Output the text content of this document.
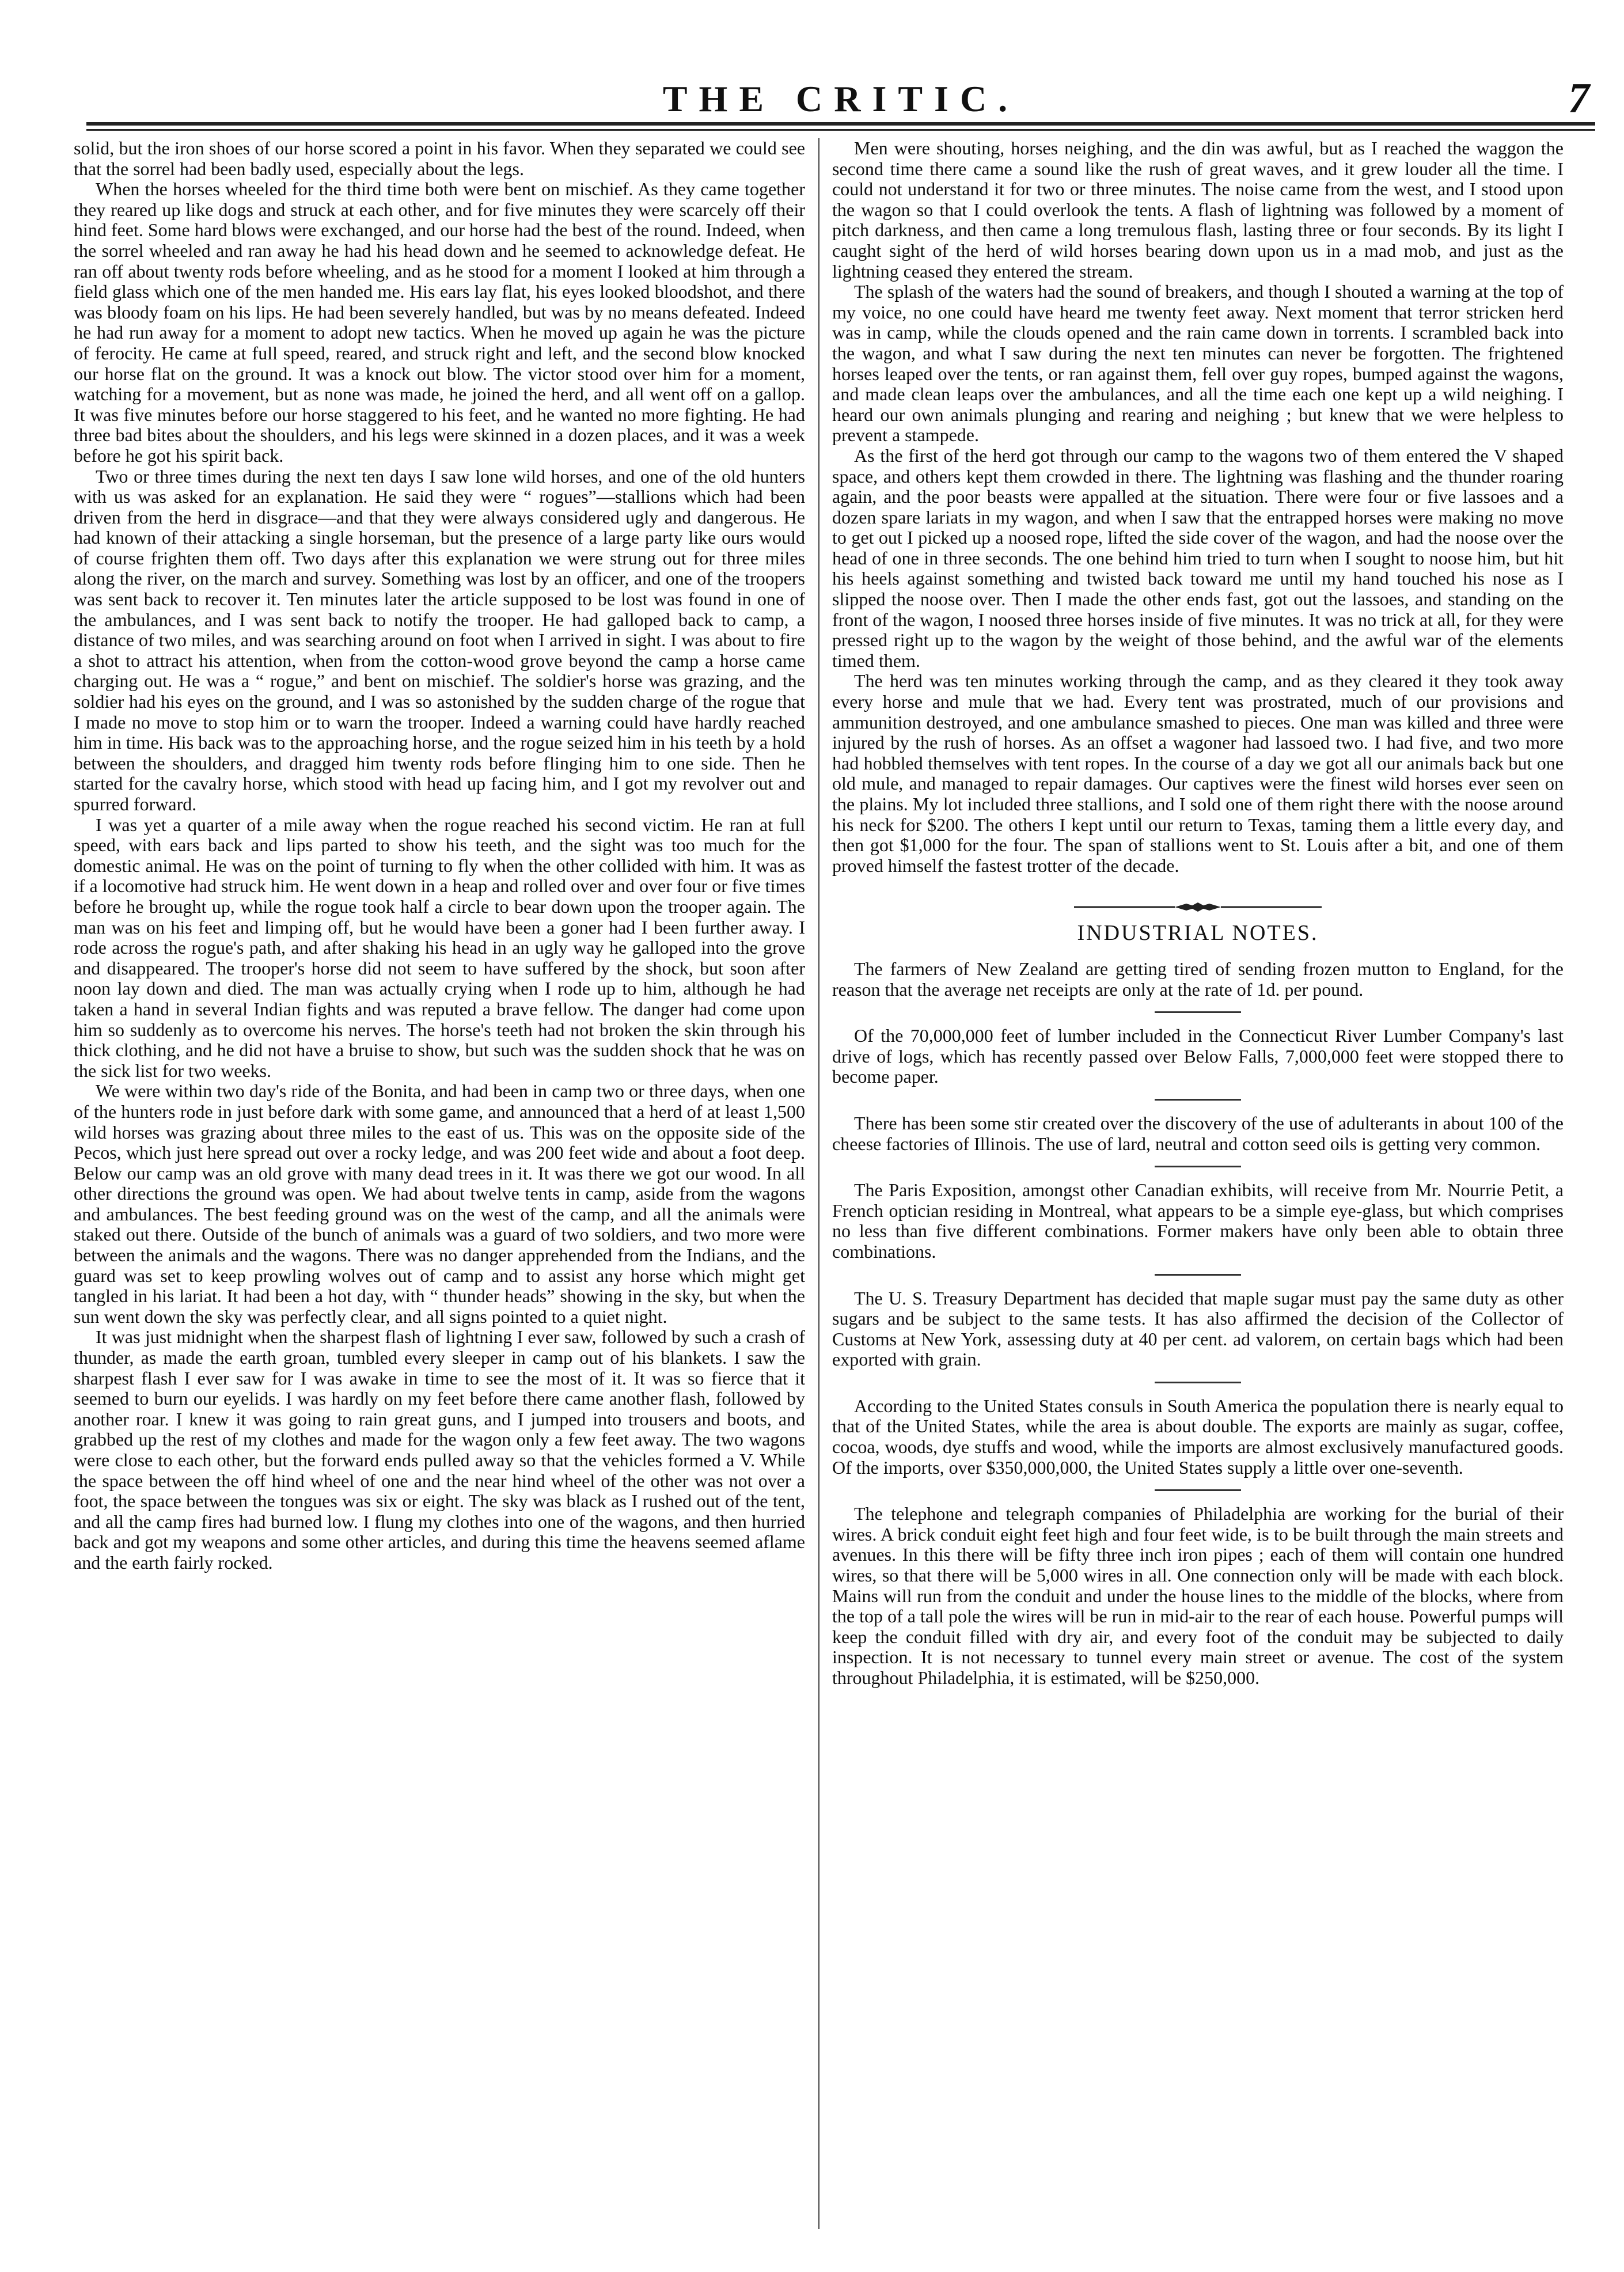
THE CRITIC.	7

solid, but the iron shoes of our horse scored a point in his favor. When they separated we could see that the sorrel had been badly used, especially about the legs.

When the horses wheeled for the third time both were bent on mischief. As they came together they reared up like dogs and struck at each other, and for five minutes they were scarcely off their hind feet. Some hard blows were exchanged, and our horse had the best of the round. Indeed, when the sorrel wheeled and ran away he had his head down and he seemed to acknowledge defeat. He ran off about twenty rods before wheeling, and as he stood for a moment I looked at him through a field glass which one of the men handed me. His ears lay flat, his eyes looked bloodshot, and there was bloody foam on his lips. He had been severely handled, but was by no means defeated. Indeed he had run away for a moment to adopt new tactics. When he moved up again he was the picture of ferocity. He came at full speed, reared, and struck right and left, and the second blow knocked our horse flat on the ground. It was a knock out blow. The victor stood over him for a moment, watching for a movement, but as none was made, he joined the herd, and all went off on a gallop. It was five minutes before our horse staggered to his feet, and he wanted no more fighting. He had three bad bites about the shoulders, and his legs were skinned in a dozen places, and it was a week before he got his spirit back.

Two or three times during the next ten days I saw lone wild horses, and one of the old hunters with us was asked for an explanation. He said they were “ rogues”—stallions which had been driven from the herd in disgrace—and that they were always considered ugly and dangerous. He had known of their attacking a single horseman, but the presence of a large party like ours would of course frighten them off. Two days after this explanation we were strung out for three miles along the river, on the march and survey. Something was lost by an officer, and one of the troopers was sent back to recover it. Ten minutes later the article supposed to be lost was found in one of the ambulances, and I was sent back to notify the trooper. He had galloped back to camp, a distance of two miles, and was searching around on foot when I arrived in sight. I was about to fire a shot to attract his attention, when from the cotton-wood grove beyond the camp a horse came charging out. He was a “ rogue,” and bent on mischief. The soldier's horse was grazing, and the soldier had his eyes on the ground, and I was so astonished by the sudden charge of the rogue that I made no move to stop him or to warn the trooper. Indeed a warning could have hardly reached him in time. His back was to the approaching horse, and the rogue seized him in his teeth by a hold between the shoulders, and dragged him twenty rods before flinging him to one side. Then he started for the cavalry horse, which stood with head up facing him, and I got my revolver out and spurred forward.

I was yet a quarter of a mile away when the rogue reached his second victim. He ran at full speed, with ears back and lips parted to show his teeth, and the sight was too much for the domestic animal. He was on the point of turning to fly when the other collided with him. It was as if a locomotive had struck him. He went down in a heap and rolled over and over four or five times before he brought up, while the rogue took half a circle to bear down upon the trooper again. The man was on his feet and limping off, but he would have been a goner had I been further away. I rode across the rogue's path, and after shaking his head in an ugly way he galloped into the grove and disappeared. The trooper's horse did not seem to have suffered by the shock, but soon after noon lay down and died. The man was actually crying when I rode up to him, although he had taken a hand in several Indian fights and was reputed a brave fellow. The danger had come upon him so suddenly as to overcome his nerves. The horse's teeth had not broken the skin through his thick clothing, and he did not have a bruise to show, but such was the sudden shock that he was on the sick list for two weeks.

We were within two day's ride of the Bonita, and had been in camp two or three days, when one of the hunters rode in just before dark with some game, and announced that a herd of at least 1,500 wild horses was grazing about three miles to the east of us. This was on the opposite side of the Pecos, which just here spread out over a rocky ledge, and was 200 feet wide and about a foot deep. Below our camp was an old grove with many dead trees in it. It was there we got our wood. In all other directions the ground was open. We had about twelve tents in camp, aside from the wagons and ambulances. The best feeding ground was on the west of the camp, and all the animals were staked out there. Outside of the bunch of animals was a guard of two soldiers, and two more were between the animals and the wagons. There was no danger apprehended from the Indians, and the guard was set to keep prowling wolves out of camp and to assist any horse which might get tangled in his lariat. It had been a hot day, with “ thunder heads” showing in the sky, but when the sun went down the sky was perfectly clear, and all signs pointed to a quiet night.

It was just midnight when the sharpest flash of lightning I ever saw, followed by such a crash of thunder, as made the earth groan, tumbled every sleeper in camp out of his blankets. I saw the sharpest flash I ever saw for I was awake in time to see the most of it. It was so fierce that it seemed to burn our eyelids. I was hardly on my feet before there came another flash, followed by another roar. I knew it was going to rain great guns, and I jumped into trousers and boots, and grabbed up the rest of my clothes and made for the wagon only a few feet away. The two wagons were close to each other, but the forward ends pulled away so that the vehicles formed a V. While the space between the off hind wheel of one and the near hind wheel of the other was not over a foot, the space between the tongues was six or eight. The sky was black as I rushed out of the tent, and all the camp fires had burned low. I flung my clothes into one of the wagons, and then hurried back and got my weapons and some other articles, and during this time the heavens seemed aflame and the earth fairly rocked.

Men were shouting, horses neighing, and the din was awful, but as I reached the waggon the second time there came a sound like the rush of great waves, and it grew louder all the time. I could not understand it for two or three minutes. The noise came from the west, and I stood upon the wagon so that I could overlook the tents. A flash of lightning was followed by a moment of pitch darkness, and then came a long tremulous flash, lasting three or four seconds. By its light I caught sight of the herd of wild horses bearing down upon us in a mad mob, and just as the lightning ceased they entered the stream.

The splash of the waters had the sound of breakers, and though I shouted a warning at the top of my voice, no one could have heard me twenty feet away. Next moment that terror stricken herd was in camp, while the clouds opened and the rain came down in torrents. I scrambled back into the wagon, and what I saw during the next ten minutes can never be forgotten. The frightened horses leaped over the tents, or ran against them, fell over guy ropes, bumped against the wagons, and made clean leaps over the ambulances, and all the time each one kept up a wild neighing. I heard our own animals plunging and rearing and neighing ; but knew that we were helpless to prevent a stampede.

As the first of the herd got through our camp to the wagons two of them entered the V shaped space, and others kept them crowded in there. The lightning was flashing and the thunder roaring again, and the poor beasts were appalled at the situation. There were four or five lassoes and a dozen spare lariats in my wagon, and when I saw that the entrapped horses were making no move to get out I picked up a noosed rope, lifted the side cover of the wagon, and had the noose over the head of one in three seconds. The one behind him tried to turn when I sought to noose him, but hit his heels against something and twisted back toward me until my hand touched his nose as I slipped the noose over. Then I made the other ends fast, got out the lassoes, and standing on the front of the wagon, I noosed three horses inside of five minutes. It was no trick at all, for they were pressed right up to the wagon by the weight of those behind, and the awful war of the elements timed them.

The herd was ten minutes working through the camp, and as they cleared it they took away every horse and mule that we had. Every tent was prostrated, much of our provisions and ammunition destroyed, and one ambulance smashed to pieces. One man was killed and three were injured by the rush of horses. As an offset a wagoner had lassoed two. I had five, and two more had hobbled themselves with tent ropes. In the course of a day we got all our animals back but one old mule, and managed to repair damages. Our captives were the finest wild horses ever seen on the plains. My lot included three stallions, and I sold one of them right there with the noose around his neck for $200. The others I kept until our return to Texas, taming them a little every day, and then got $1,000 for the four. The span of stallions went to St. Louis after a bit, and one of them proved himself the fastest trotter of the decade.

INDUSTRIAL NOTES.

The farmers of New Zealand are getting tired of sending frozen mutton to England, for the reason that the average net receipts are only at the rate of 1d. per pound.

Of the 70,000,000 feet of lumber included in the Connecticut River Lumber Company's last drive of logs, which has recently passed over Below Falls, 7,000,000 feet were stopped there to become paper.

There has been some stir created over the discovery of the use of adulterants in about 100 of the cheese factories of Illinois. The use of lard, neutral and cotton seed oils is getting very common.

The Paris Exposition, amongst other Canadian exhibits, will receive from Mr. Nourrie Petit, a French optician residing in Montreal, what appears to be a simple eye-glass, but which comprises no less than five different combinations. Former makers have only been able to obtain three combinations.

The U. S. Treasury Department has decided that maple sugar must pay the same duty as other sugars and be subject to the same tests. It has also affirmed the decision of the Collector of Customs at New York, assessing duty at 40 per cent. ad valorem, on certain bags which had been exported with grain.

According to the United States consuls in South America the population there is nearly equal to that of the United States, while the area is about double. The exports are mainly as sugar, coffee, cocoa, woods, dye stuffs and wood, while the imports are almost exclusively manufactured goods. Of the imports, over $350,000,000, the United States supply a little over one-seventh.

The telephone and telegraph companies of Philadelphia are working for the burial of their wires. A brick conduit eight feet high and four feet wide, is to be built through the main streets and avenues. In this there will be fifty three inch iron pipes ; each of them will contain one hundred wires, so that there will be 5,000 wires in all. One connection only will be made with each block. Mains will run from the conduit and under the house lines to the middle of the blocks, where from the top of a tall pole the wires will be run in mid-air to the rear of each house. Powerful pumps will keep the conduit filled with dry air, and every foot of the conduit may be subjected to daily inspection. It is not necessary to tunnel every main street or avenue. The cost of the system throughout Philadelphia, it is estimated, will be $250,000.
